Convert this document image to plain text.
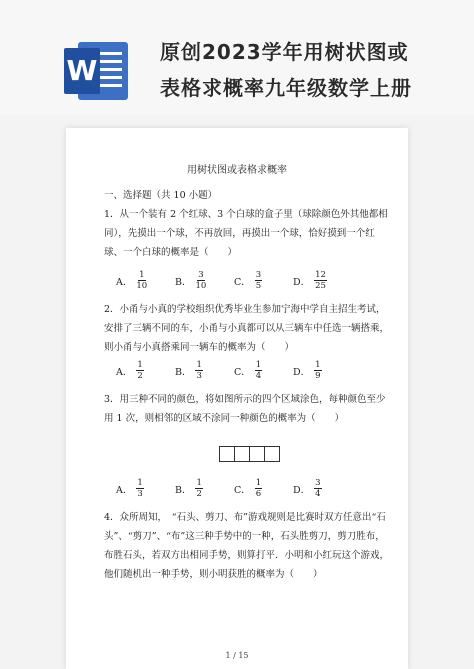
W
原创2023学年用树状图或
表格求概率九年级数学上册
用树状图或表格求概率
一、选择题（共 10 小题）
1．从一个装有 2 个红球、3 个白球的盒子里（球除颜色外其他都相同），先摸出一个球，不再放回，再摸出一个球，恰好摸到一个红球、一个白球的概率是（　　）
A． $\frac{1}{10}$	B． $\frac{3}{10}$	C． $\frac{3}{5}$	D． $\frac{12}{25}$
2．小甬与小真的学校组织优秀毕业生参加宁海中学自主招生考试，安排了三辆不同的车，小甬与小真都可以从三辆车中任选一辆搭乘，则小甬与小真搭乘同一辆车的概率为（　　）
A． $\frac{1}{2}$	B． $\frac{1}{3}$	C． $\frac{1}{4}$	D． $\frac{1}{9}$
3．用三种不同的颜色，将如图所示的四个区域涂色，每种颜色至少用 1 次，则相邻的区域不涂同一种颜色的概率为（　　）
A． $\frac{1}{3}$	B． $\frac{1}{2}$	C． $\frac{1}{6}$	D． $\frac{3}{4}$
4．众所周知，　“石头、剪刀、布”游戏规则是比赛时双方任意出“石头”、“剪刀”、“布”这三种手势中的一种，石头胜剪刀，剪刀胜布，布胜石头，若双方出相同手势，则算打平．小明和小红玩这个游戏，他们随机出一种手势，则小明获胜的概率为（　　）
1 / 15
